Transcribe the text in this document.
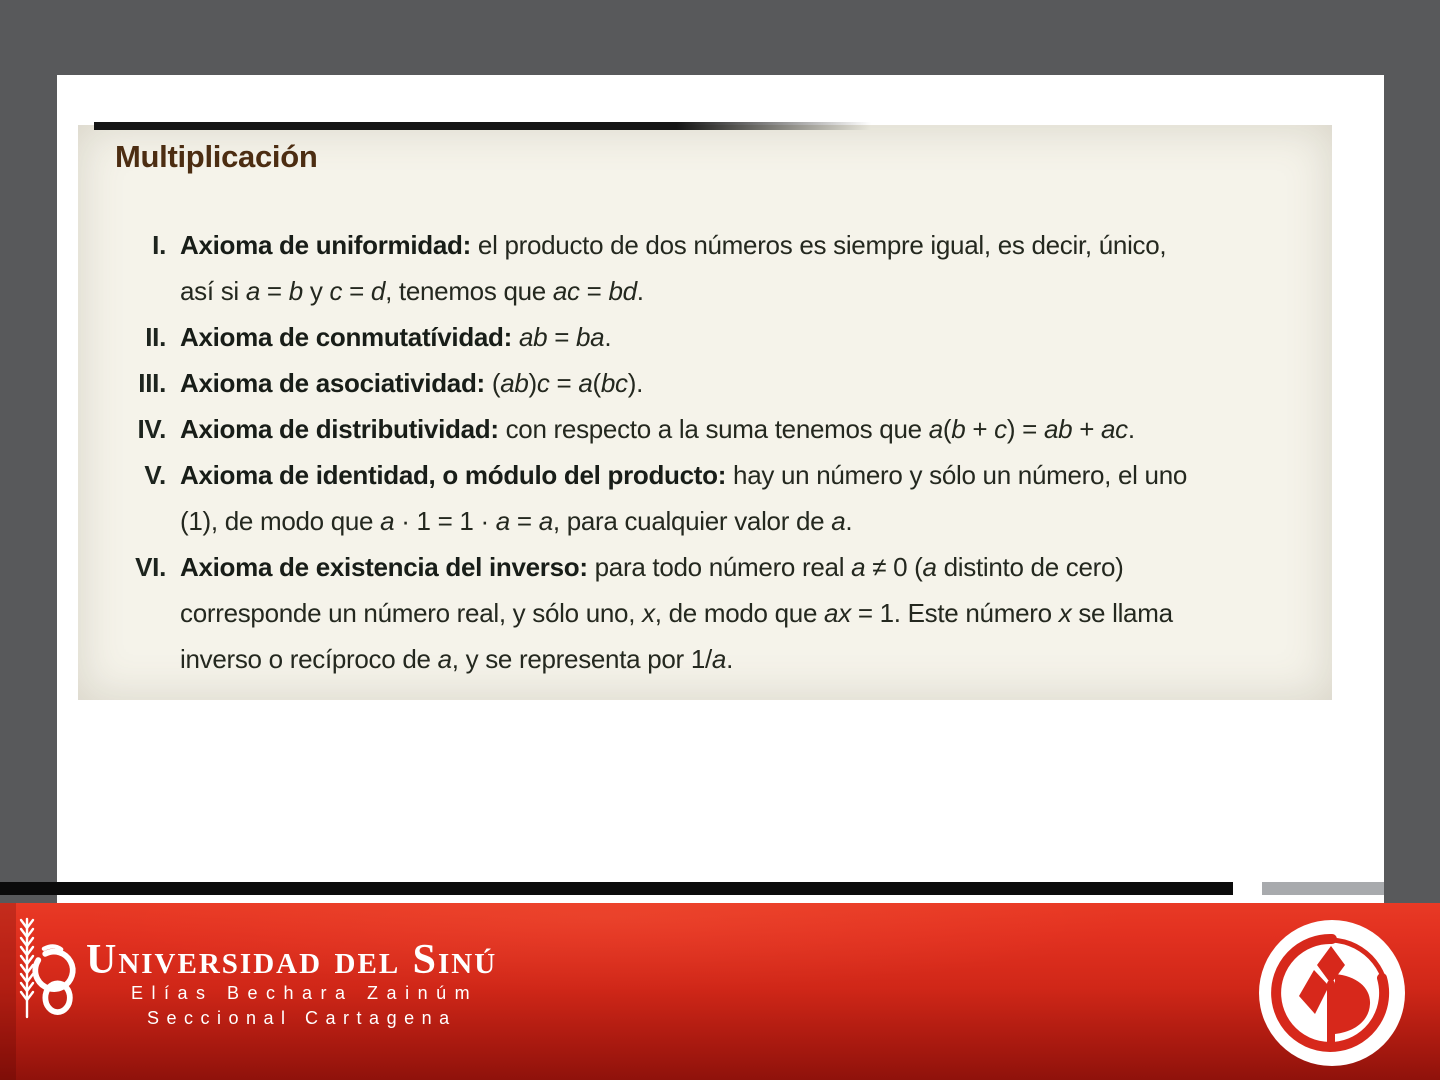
Multiplicación
I. Axioma de uniformidad: el producto de dos números es siempre igual, es decir, único,
así si a = b y c = d, tenemos que ac = bd.
II. Axioma de conmutatívidad: ab = ba.
III. Axioma de asociatividad: (ab)c = a(bc).
IV. Axioma de distributividad: con respecto a la suma tenemos que a(b + c) = ab + ac.
V. Axioma de identidad, o módulo del producto: hay un número y sólo un número, el uno
(1), de modo que a · 1 = 1 · a = a, para cualquier valor de a.
VI. Axioma de existencia del inverso: para todo número real a ≠ 0 (a distinto de cero)
corresponde un número real, y sólo uno, x, de modo que ax = 1. Este número x se llama
inverso o recíproco de a, y se representa por 1/a.
Universidad del Sinú
Elías Bechara Zainúm
Seccional Cartagena
